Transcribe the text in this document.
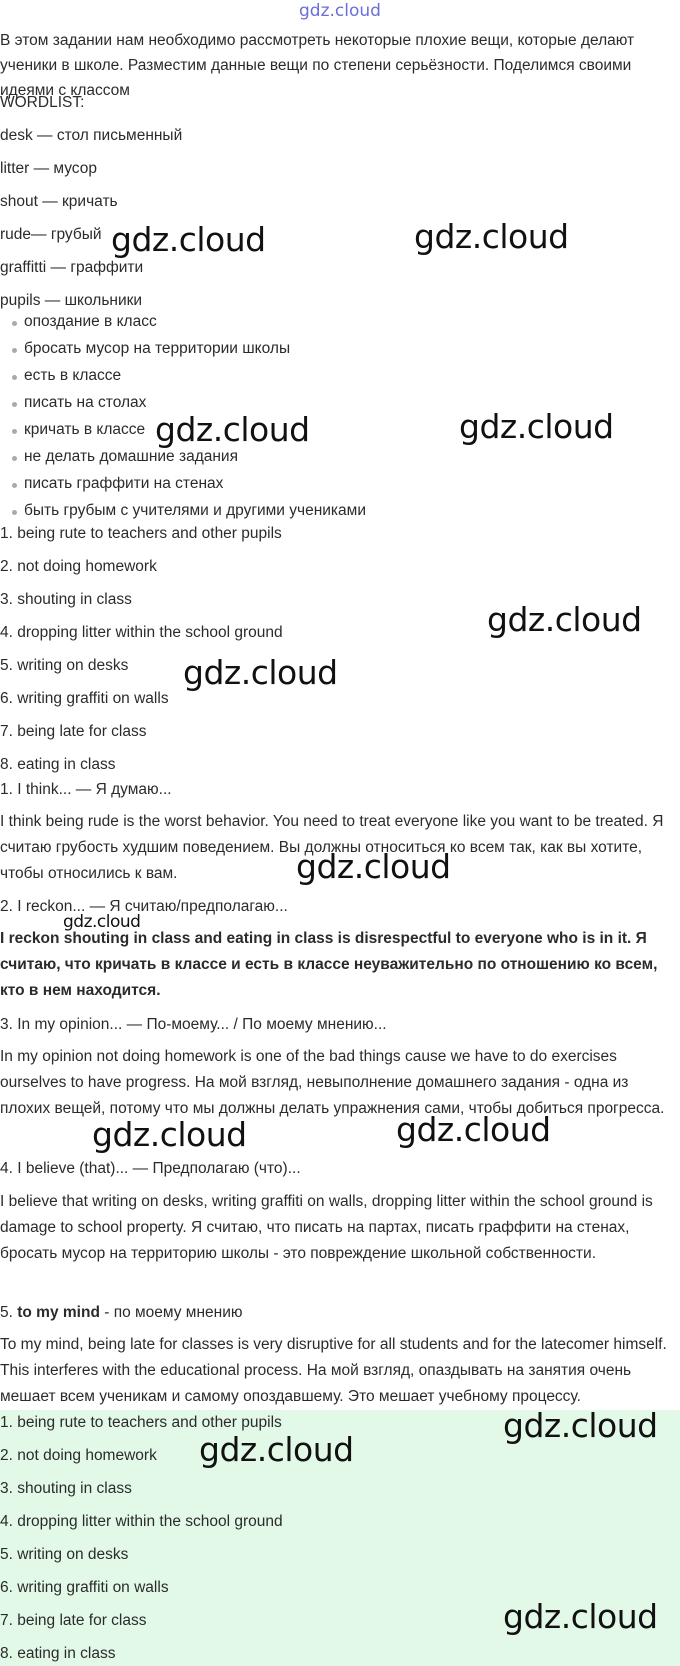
gdz.cloud

В этом задании нам необходимо рассмотреть некоторые плохие вещи, которые делают ученики в школе. Разместим данные вещи по степени серьёзности. Поделимся своими идеями с классом

WORDLIST:
desk — стол письменный
litter — мусор
shout — кричать
rude— грубый
graffitti — граффити
pupils — школьники
опоздание в класс
бросать мусор на территории школы
есть в классе
писать на столах
кричать в классе
не делать домашние задания
писать граффити на стенах
быть грубым с учителями и другими учениками
1. being rute to teachers and other pupils
2. not doing homework
3. shouting in class
4. dropping litter within the school ground
5. writing on desks
6. writing graffiti on walls
7. being late for class
8. eating in class
1. I think... — Я думаю...

I think being rude is the worst behavior. You need to treat everyone like you want to be treated. Я считаю грубость худшим поведением. Вы должны относиться ко всем так, как вы хотите, чтобы относились к вам.

2. I reckon... — Я считаю/предполагаю...

I reckon shouting in class and eating in class is disrespectful to everyone who is in it. Я считаю, что кричать в классе и есть в классе неуважительно по отношению ко всем, кто в нем находится.

3. In my opinion... — По-моему... / По моему мнению...

In my opinion not doing homework is one of the bad things cause we have to do exercises ourselves to have progress. На мой взгляд, невыполнение домашнего задания - одна из плохих вещей, потому что мы должны делать упражнения сами, чтобы добиться прогресса.

4. I believe (that)... — Предполагаю (что)...

I believe that writing on desks, writing graffiti on walls, dropping litter within the school ground is damage to school property. Я считаю, что писать на партах, писать граффити на стенах, бросать мусор на территорию школы - это повреждение школьной собственности.

5. to my mind - по моему мнению

To my mind, being late for classes is very disruptive for all students and for the latecomer himself. This interferes with the educational process. На мой взгляд, опаздывать на занятия очень мешает всем ученикам и самому опоздавшему. Это мешает учебному процессу.

1. being rute to teachers and other pupils
2. not doing homework
3. shouting in class
4. dropping litter within the school ground
5. writing on desks
6. writing graffiti on walls
7. being late for class
8. eating in class
gdz.cloud	gdz.cloud
gdz.cloud	gdz.cloud
gdz.cloud
gdz.cloud
gdz.cloud
gdz.cloud
gdz.cloud	gdz.cloud
gdz.cloud
gdz.cloud
gdz.cloud
